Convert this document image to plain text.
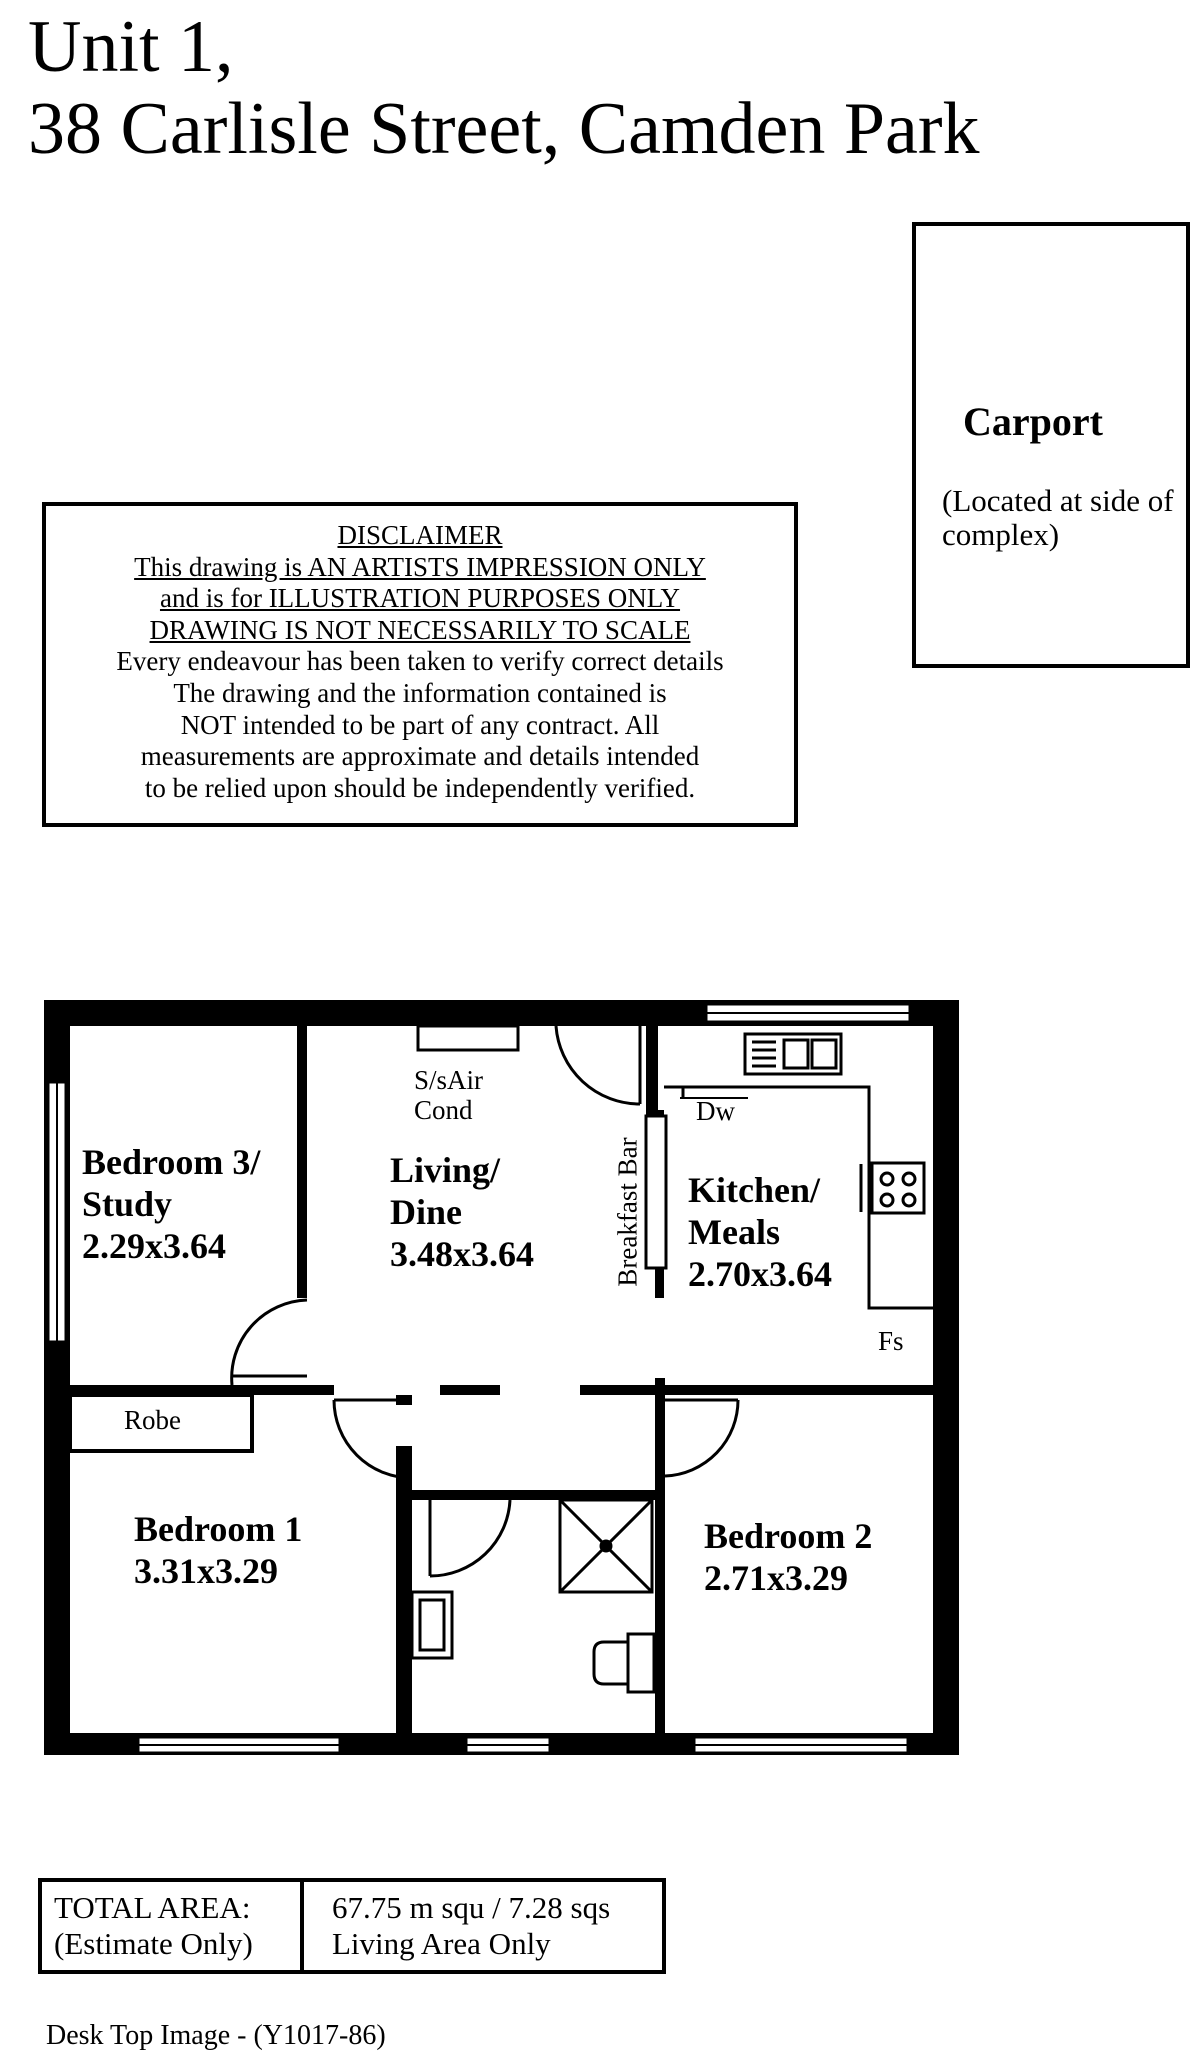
Unit 1,
38 Carlisle Street, Camden Park
Carport
(Located at side of complex)
DISCLAIMER
This drawing is AN ARTISTS IMPRESSION ONLY
and is for ILLUSTRATION PURPOSES ONLY
DRAWING IS NOT NECESSARILY TO SCALE
Every endeavour has been taken to verify correct details
The drawing and the information contained is
NOT intended to be part of any contract. All
measurements are approximate and details intended
to be relied upon should be independently verified.
Bedroom 3/
Study
2.29x3.64
Living/
Dine
3.48x3.64
Kitchen/
Meals
2.70x3.64
Bedroom 1
3.31x3.29
Bedroom 2
2.71x3.29
S/sAir
Cond	Dw
Fs
Robe
Breakfast Bar
TOTAL AREA:
(Estimate Only)
67.75 m squ / 7.28 sqs
Living Area Only
Desk Top Image - (Y1017-86)
